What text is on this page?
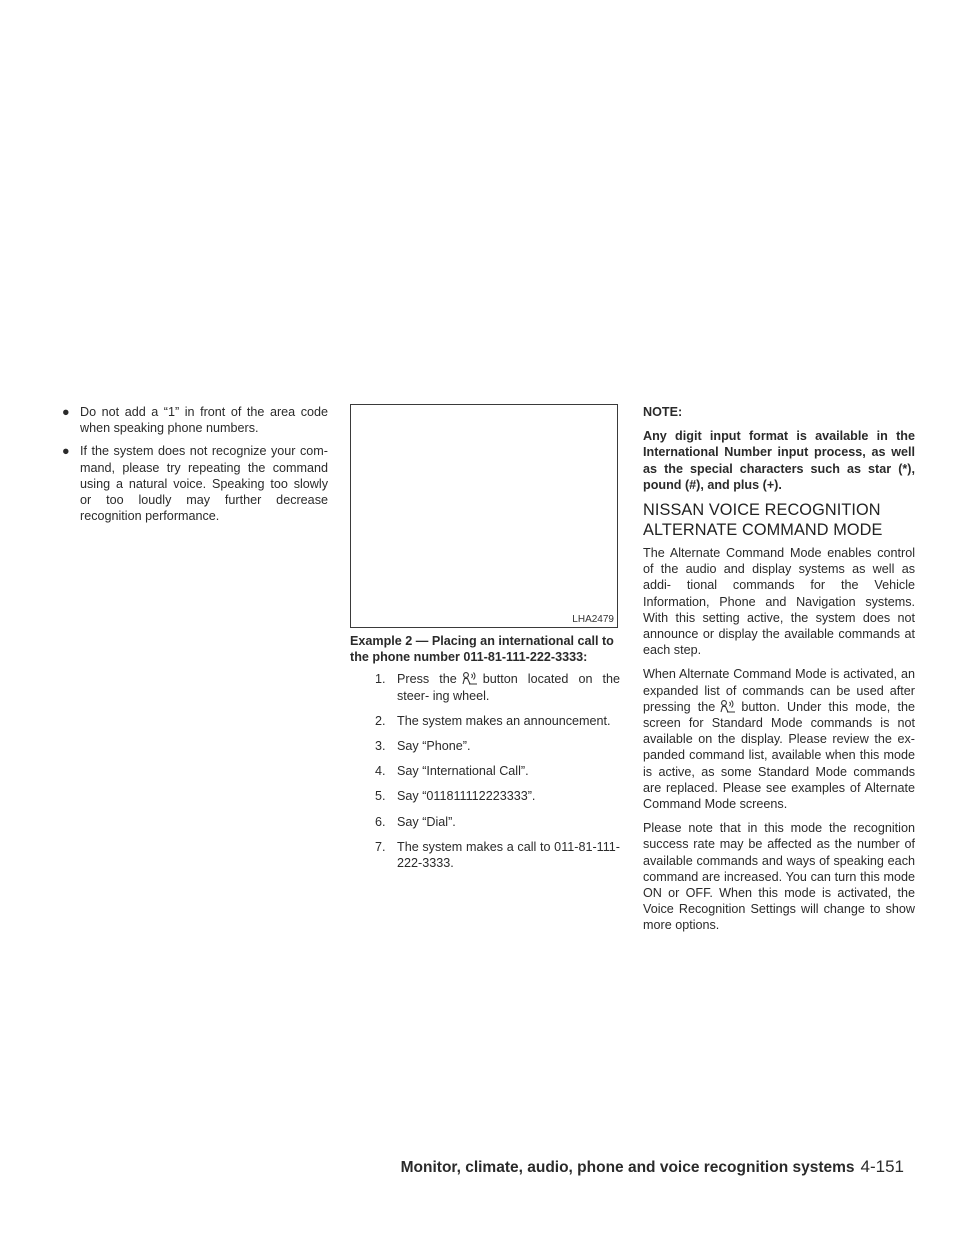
● Do not add a “1” in front of the area code when speaking phone numbers.
● If the system does not recognize your com- mand, please try repeating the command using a natural voice. Speaking too slowly or too loudly may further decrease recognition performance.
LHA2479
Example 2 — Placing an international call to the phone number 011-81-111-222-3333:
1. Press the button located on the steer- ing wheel.
2. The system makes an announcement.
3. Say “Phone”.
4. Say “International Call”.
5. Say “011811112223333”.
6. Say “Dial”.
7. The system makes a call to 011-81-111- 222-3333.
NOTE:

Any digit input format is available in the International Number input process, as well as the special characters such as star (*), pound (#), and plus (+).

NISSAN VOICE RECOGNITION
ALTERNATE COMMAND MODE

The Alternate Command Mode enables control of the audio and display systems as well as addi- tional commands for the Vehicle Information, Phone and Navigation systems. With this setting active, the system does not announce or display the available commands at each step.

When Alternate Command Mode is activated, an expanded list of commands can be used after pressing the button. Under this mode, the screen for Standard Mode commands is not available on the display. Please review the ex- panded command list, available when this mode is active, as some Standard Mode commands are replaced. Please see examples of Alternate Command Mode screens.

Please note that in this mode the recognition success rate may be affected as the number of available commands and ways of speaking each command are increased. You can turn this mode ON or OFF. When this mode is activated, the Voice Recognition Settings will change to show more options.

Monitor, climate, audio, phone and voice recognition systems 4-151
